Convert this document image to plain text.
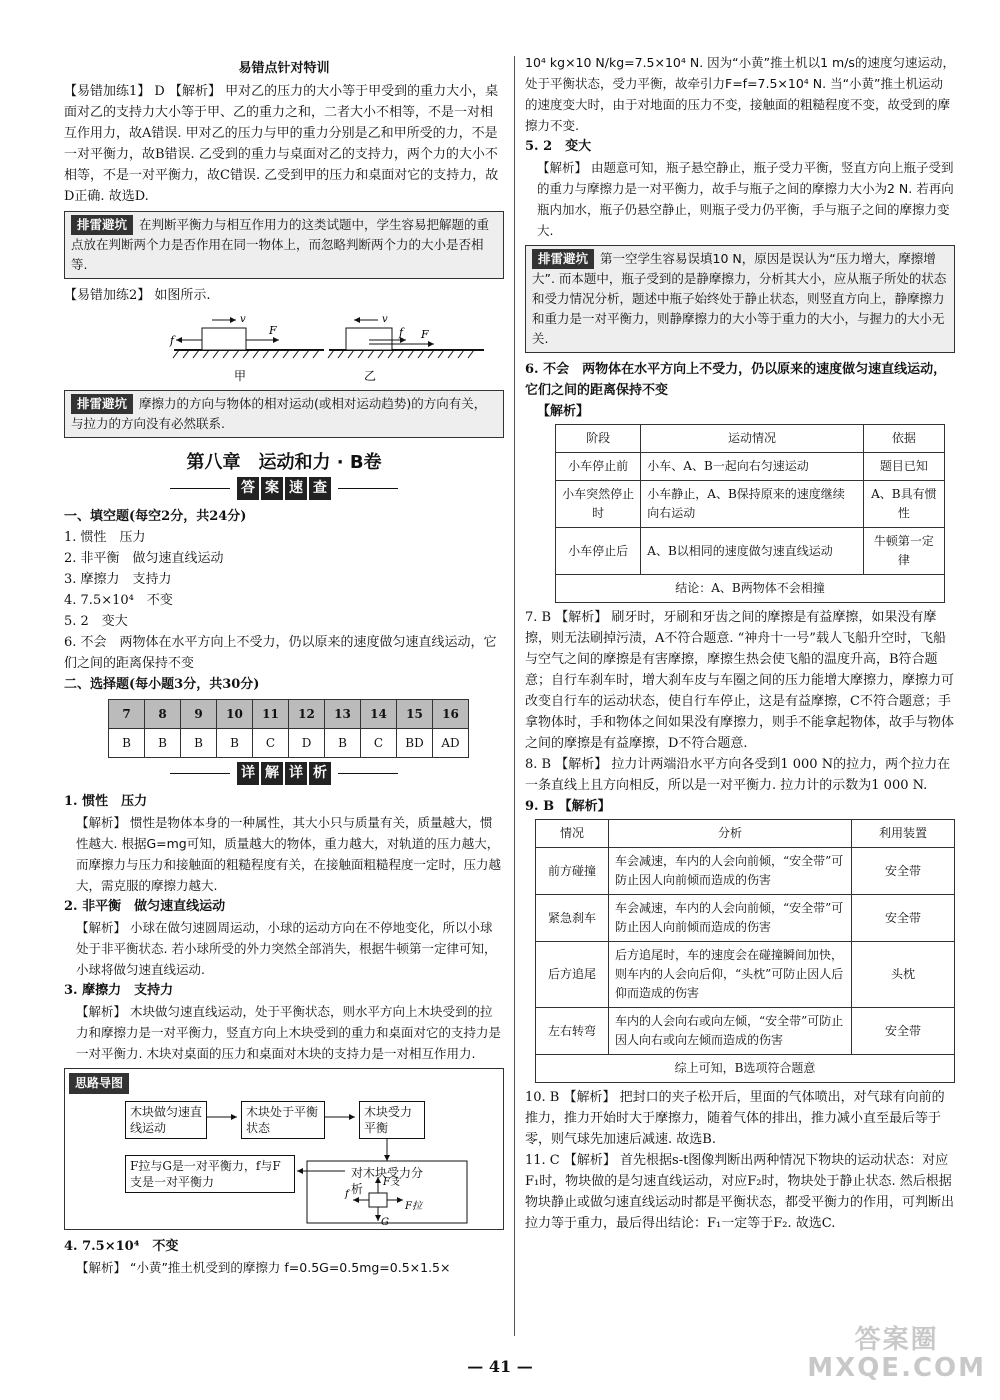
易错点针对特训

【易错加练1】 D 【解析】 甲对乙的压力的大小等于甲受到的重力大小，桌面对乙的支持力大小等于甲、乙的重力之和，二者大小不相等，不是一对相互作用力，故A错误. 甲对乙的压力与甲的重力分别是乙和甲所受的力，不是一对平衡力，故B错误. 乙受到的重力与桌面对乙的支持力，两个力的大小不相等，不是一对平衡力，故C错误. 乙受到甲的压力和桌面对它的支持力，故D正确. 故选D.

排雷避坑 在判断平衡力与相互作用力的这类试题中，学生容易把解题的重点放在判断两个力是否作用在同一物体上，而忽略判断两个力的大小是否相等.

【易错加练2】 如图所示.

f
F
v
甲
f F
v
乙
排雷避坑 摩擦力的方向与物体的相对运动(或相对运动趋势)的方向有关，与拉力的方向没有必然联系.
第八章　运动和力 · B卷
答 案 速 查

一、填空题(每空2分，共24分)

1. 惯性　压力

2. 非平衡　做匀速直线运动

3. 摩擦力　支持力

4. 7.5×10⁴　不变

5. 2　变大

6. 不会　两物体在水平方向上不受力，仍以原来的速度做匀速直线运动，它们之间的距离保持不变

二、选择题(每小题3分，共30分)

7	8	9	10	11	12	13	14	15	16
B	B	B	B	C	D	B	C	BD	AD
详 解 详 析

1. 惯性　压力

【解析】 惯性是物体本身的一种属性，其大小只与质量有关，质量越大，惯性越大. 根据G=mg可知，质量越大的物体，重力越大，对轨道的压力越大，而摩擦力与压力和接触面的粗糙程度有关，在接触面粗糙程度一定时，压力越大，需克服的摩擦力越大.

2. 非平衡　做匀速直线运动

【解析】 小球在做匀速圆周运动，小球的运动方向在不停地变化，所以小球处于非平衡状态. 若小球所受的外力突然全部消失，根据牛顿第一定律可知，小球将做匀速直线运动.

3. 摩擦力　支持力

【解析】 木块做匀速直线运动，处于平衡状态，则水平方向上木块受到的拉力和摩擦力是一对平衡力，竖直方向上木块受到的重力和桌面对它的支持力是一对平衡力. 木块对桌面的压力和桌面对木块的支持力是一对相互作用力.

思路导图
F支
G
f
F拉
木块做匀速直线运动
木块处于平衡状态
木块受力平衡
F拉与G是一对平衡力，f与F支是一对平衡力
对木块受力分析

4. 7.5×10⁴　不变

【解析】 “小黄”推土机受到的摩擦力 f=0.5G=0.5mg=0.5×1.5×

10⁴ kg×10 N/kg=7.5×10⁴ N. 因为“小黄”推土机以1 m/s的速度匀速运动，处于平衡状态，受力平衡，故牵引力F=f=7.5×10⁴ N. 当“小黄”推土机运动的速度变大时，由于对地面的压力不变，接触面的粗糙程度不变，故受到的摩擦力不变.

5. 2　变大

【解析】 由题意可知，瓶子悬空静止，瓶子受力平衡，竖直方向上瓶子受到的重力与摩擦力是一对平衡力，故手与瓶子之间的摩擦力大小为2 N. 若再向瓶内加水，瓶子仍悬空静止，则瓶子受力仍平衡，手与瓶子之间的摩擦力变大.

排雷避坑 第一空学生容易误填10 N，原因是误认为“压力增大，摩擦增大”. 而本题中，瓶子受到的是静摩擦力，分析其大小，应从瓶子所处的状态和受力情况分析，题述中瓶子始终处于静止状态，则竖直方向上，静摩擦力和重力是一对平衡力，则静摩擦力的大小等于重力的大小，与握力的大小无关.

6. 不会　两物体在水平方向上不受力，仍以原来的速度做匀速直线运动，它们之间的距离保持不变

【解析】

阶段	运动情况	依据
小车停止前	小车、A、B一起向右匀速运动	题目已知
小车突然停止时	小车静止，A、B保持原来的速度继续向右运动	A、B具有惯性
小车停止后	A、B以相同的速度做匀速直线运动	牛顿第一定律
结论：A、B两物体不会相撞		

7. B 【解析】 刷牙时，牙刷和牙齿之间的摩擦是有益摩擦，如果没有摩擦，则无法刷掉污渍，A不符合题意. “神舟十一号”载人飞船升空时，飞船与空气之间的摩擦是有害摩擦，摩擦生热会使飞船的温度升高，B符合题意；自行车刹车时，增大刹车皮与车圈之间的压力能增大摩擦力，摩擦力可改变自行车的运动状态，使自行车停止，这是有益摩擦，C不符合题意；手拿物体时，手和物体之间如果没有摩擦力，则手不能拿起物体，故手与物体之间的摩擦是有益摩擦，D不符合题意.

8. B 【解析】 拉力计两端沿水平方向各受到1 000 N的拉力，两个拉力在一条直线上且方向相反，所以是一对平衡力. 拉力计的示数为1 000 N.

9. B 【解析】

情况	分析	利用装置
前方碰撞	车会减速，车内的人会向前倾，“安全带”可防止因人向前倾而造成的伤害	安全带
紧急刹车	车会减速，车内的人会向前倾，“安全带”可防止因人向前倾而造成的伤害	安全带
后方追尾	后方追尾时，车的速度会在碰撞瞬间加快，则车内的人会向后仰，“头枕”可防止因人后仰而造成的伤害	头枕
左右转弯	车内的人会向右或向左倾，“安全带”可防止因人向右或向左倾而造成的伤害	安全带
综上可知，B选项符合题意		

10. B 【解析】 把封口的夹子松开后，里面的气体喷出，对气球有向前的推力，推力开始时大于摩擦力，随着气体的排出，推力减小直至最后等于零，则气球先加速后减速. 故选B.

11. C 【解析】 首先根据s-t图像判断出两种情况下物块的运动状态：对应F₁时，物块做的是匀速直线运动，对应F₂时，物块处于静止状态. 然后根据物块静止或做匀速直线运动时都是平衡状态，都受平衡力的作用，可判断出拉力等于重力，最后得出结论：F₁一定等于F₂. 故选C.

— 41 —
答案圈
MXQE.COM
